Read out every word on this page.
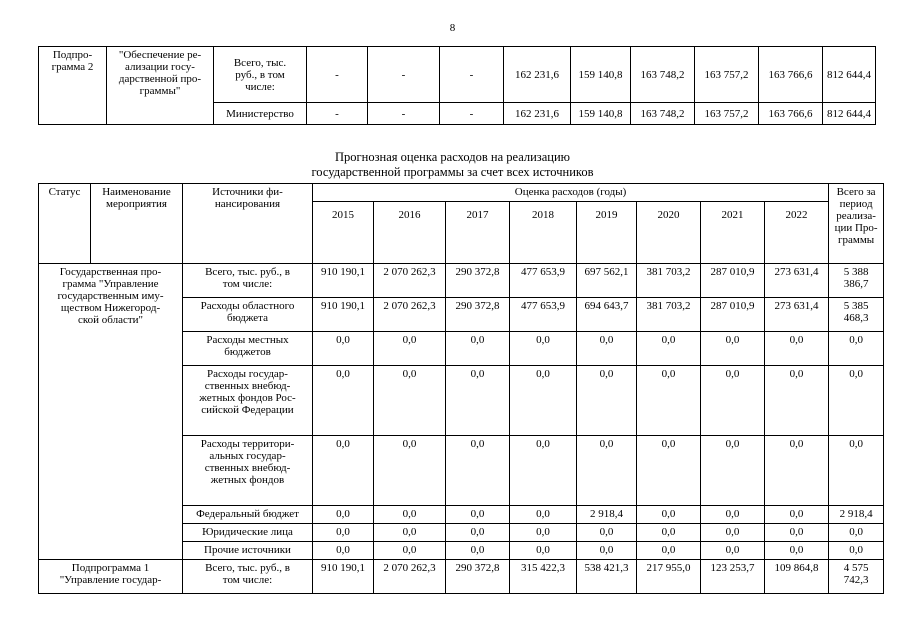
8
Подпро-
грамма 2	"Обеспечение ре-
ализации госу-
дарственной про-
граммы"	Всего, тыс.
руб., в том
числе:	-	-	-	162 231,6	159 140,8	163 748,2	163 757,2	163 766,6	812 644,4
		Министерство	-	-	-	162 231,6	159 140,8	163 748,2	163 757,2	163 766,6	812 644,4
Прогнозная оценка расходов на реализацию
государственной программы за счет всех источников
Статус	Наименование
мероприятия	Источники фи-
нансирования	Оценка расходов (годы)								Всего за
период
реализа-
ции Про-
граммы
			2015	2016	2017	2018	2019	2020	2021	2022	
Государственная про-
грамма "Управление
государственным иму-
ществом Нижегород-
ской области"		Всего, тыс. руб., в
том числе:	910 190,1	2 070 262,3	290 372,8	477 653,9	697 562,1	381 703,2	287 010,9	273 631,4	5 388 386,7
		Расходы областного
бюджета	910 190,1	2 070 262,3	290 372,8	477 653,9	694 643,7	381 703,2	287 010,9	273 631,4	5 385 468,3
		Расходы местных
бюджетов	0,0	0,0	0,0	0,0	0,0	0,0	0,0	0,0	0,0
		Расходы государ-
ственных внебюд-
жетных фондов Рос-
сийской Федерации	0,0	0,0	0,0	0,0	0,0	0,0	0,0	0,0	0,0
		Расходы территори-
альных государ-
ственных внебюд-
жетных фондов	0,0	0,0	0,0	0,0	0,0	0,0	0,0	0,0	0,0
		Федеральный бюджет	0,0	0,0	0,0	0,0	2 918,4	0,0	0,0	0,0	2 918,4
		Юридические лица	0,0	0,0	0,0	0,0	0,0	0,0	0,0	0,0	0,0
		Прочие источники	0,0	0,0	0,0	0,0	0,0	0,0	0,0	0,0	0,0
Подпрограмма 1
"Управление государ-		Всего, тыс. руб., в
том числе:	910 190,1	2 070 262,3	290 372,8	315 422,3	538 421,3	217 955,0	123 253,7	109 864,8	4 575 742,3
